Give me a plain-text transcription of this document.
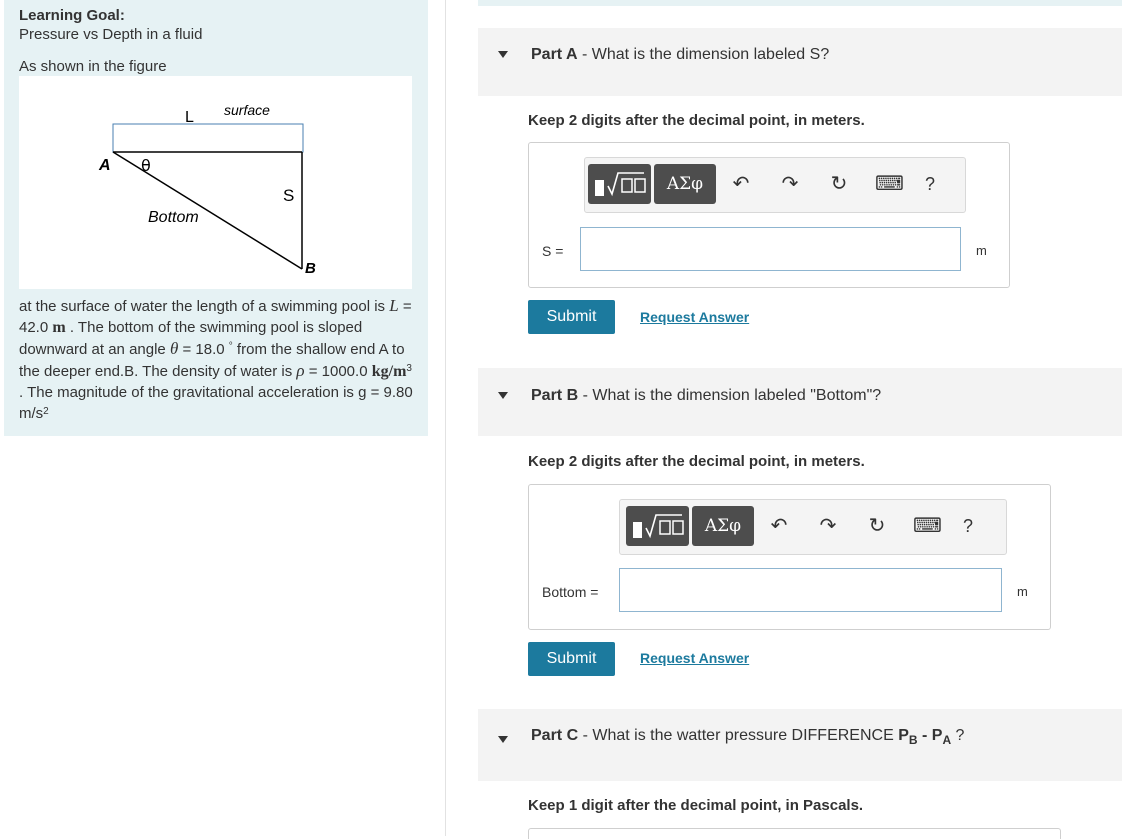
Learning Goal:
Pressure vs Depth in a fluid
As shown in the figure
L surface
A θ
S
Bottom
B
at the surface of water the length of a swimming pool is L = 42.0 m . The bottom of the swimming pool is sloped downward at an angle θ = 18.0 ° from the shallow end A to the deeper end.B. The density of water is ρ = 1000.0 $kg/m^3$ . The magnitude of the gravitational acceleration is g = 9.80 $m/s^2$
Part A - What is the dimension labeled S?
Keep 2 digits after the decimal point, in meters.
ΑΣφ	↶ ↷ ↻ ⌨	?
S =	m
Submit	Request Answer
Part B - What is the dimension labeled "Bottom"?
Keep 2 digits after the decimal point, in meters.
ΑΣφ	↶ ↷ ↻ ⌨	?
Bottom =	m
Submit	Request Answer
Part C - What is the watter pressure DIFFERENCE $P_B - P_A$ ?
Keep 1 digit after the decimal point, in Pascals.
